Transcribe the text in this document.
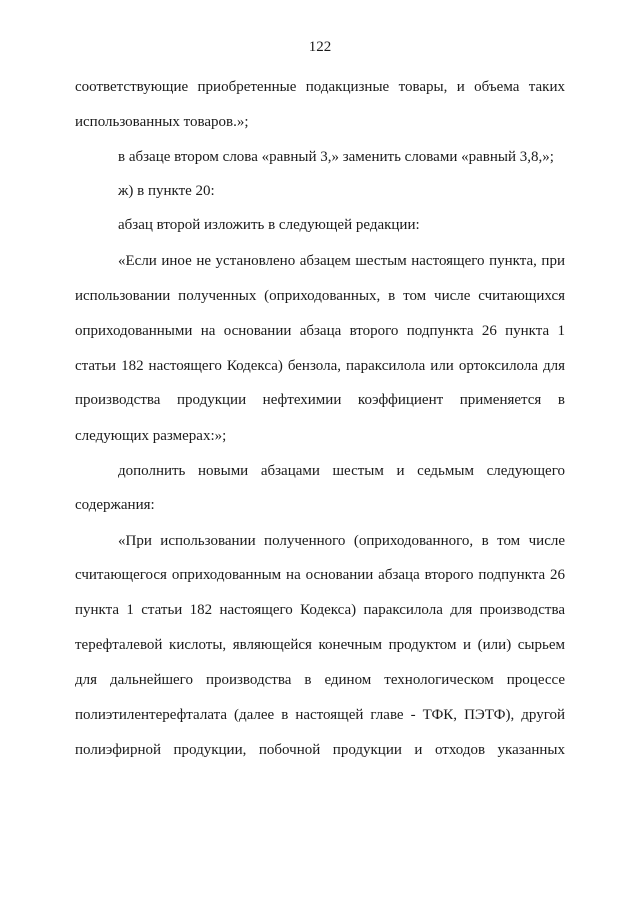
122
соответствующие приобретенные подакцизные товары, и объема таких
использованных товаров.»;
в абзаце втором слова «равный 3,» заменить словами «равный 3,8,»;
ж) в пункте 20:
абзац второй изложить в следующей редакции:
«Если иное не установлено абзацем шестым настоящего пункта, при
использовании полученных (оприходованных, в том числе считающихся
оприходованными на основании абзаца второго подпункта 26 пункта 1
статьи 182 настоящего Кодекса) бензола, параксилола или ортоксилола для
производства продукции нефтехимии коэффициент применяется в
следующих размерах:»;
дополнить новыми абзацами шестым и седьмым следующего
содержания:
«При использовании полученного (оприходованного, в том числе
считающегося оприходованным на основании абзаца второго подпункта 26
пункта 1 статьи 182 настоящего Кодекса) параксилола для производства
терефталевой кислоты, являющейся конечным продуктом и (или) сырьем
для дальнейшего производства в едином технологическом процессе
полиэтилентерефталата (далее в настоящей главе - ТФК, ПЭТФ), другой
полиэфирной продукции, побочной продукции и отходов указанных
